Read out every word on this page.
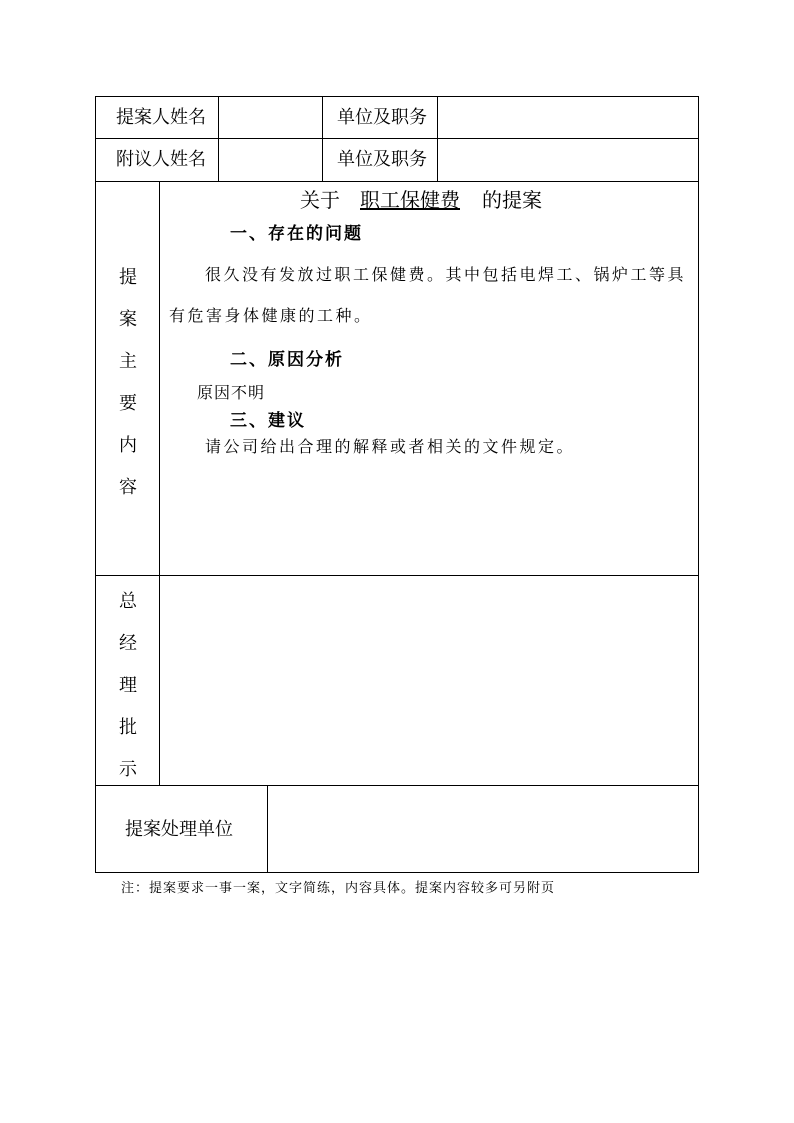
提案人姓名	单位及职务
附议人姓名	单位及职务
提
案
主
要
内
容
关于 职工保健费 的提案
一、存在的问题
很久没有发放过职工保健费。其中包括电焊工、锅炉工等具
有危害身体健康的工种。
二、原因分析
原因不明
三、建议
请公司给出合理的解释或者相关的文件规定。
总
经
理
批
示
提案处理单位
注：提案要求一事一案，文字简练，内容具体。提案内容较多可另附页
